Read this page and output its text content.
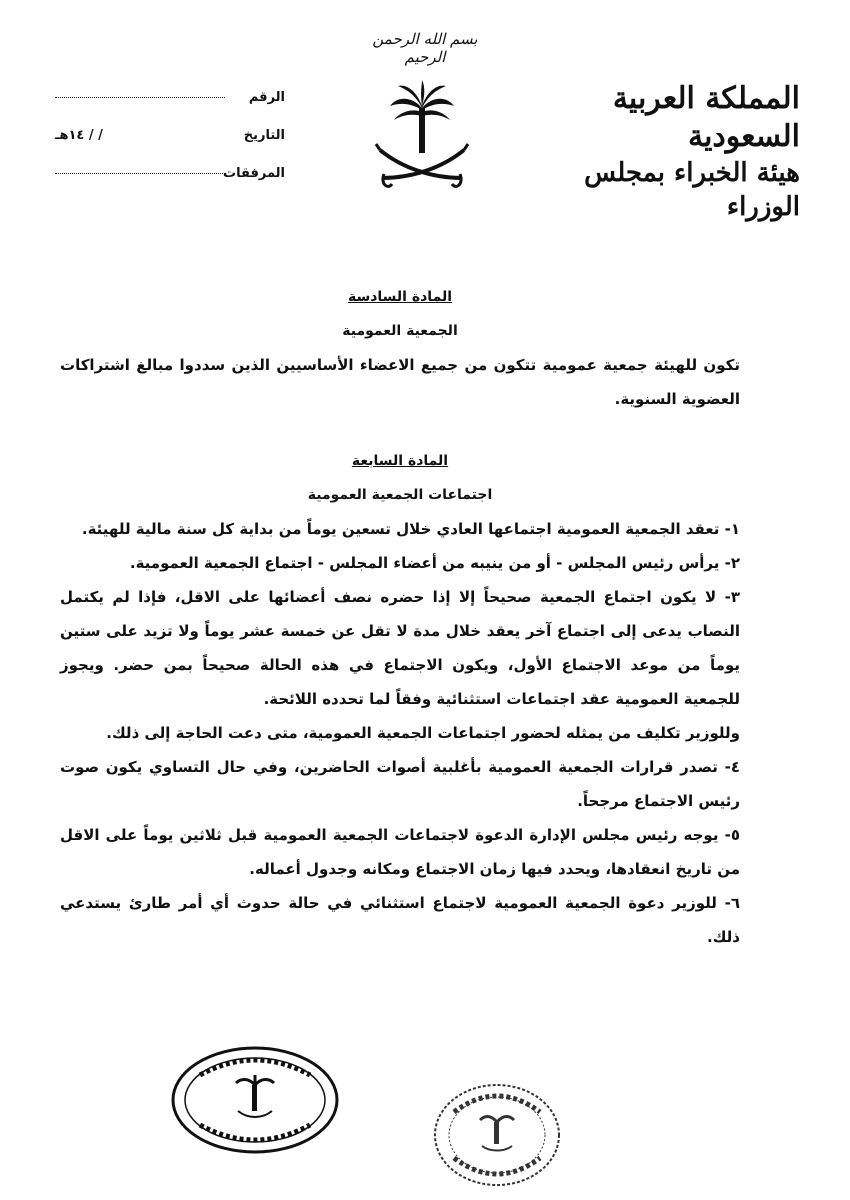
بسم الله الرحمن الرحيم
المملكة العربية السعودية
هيئة الخبراء بمجلس الوزراء
الرقم
التاريخ
/ / ١٤هـ
المرفقات
المادة السادسة
الجمعية العمومية
تكون للهيئة جمعية عمومية تتكون من جميع الاعضاء الأساسيين الذين سددوا مبالغ اشتراكات العضوية السنوية.
المادة السابعة
اجتماعات الجمعية العمومية
١- تعقد الجمعية العمومية اجتماعها العادي خلال تسعين يوماً من بداية كل سنة مالية للهيئة.
٢- يرأس رئيس المجلس - أو من ينيبه من أعضاء المجلس - اجتماع الجمعية العمومية.
٣- لا يكون اجتماع الجمعية صحيحاً إلا إذا حضره نصف أعضائها على الاقل، فإذا لم يكتمل النصاب يدعى إلى اجتماع آخر يعقد خلال مدة لا تقل عن خمسة عشر يوماً ولا تزيد على ستين يوماً من موعد الاجتماع الأول، ويكون الاجتماع في هذه الحالة صحيحاً بمن حضر. ويجوز للجمعية العمومية عقد اجتماعات استثنائية وفقاً لما تحدده اللائحة.
وللوزير تكليف من يمثله لحضور اجتماعات الجمعية العمومية، متى دعت الحاجة إلى ذلك.
٤- تصدر قرارات الجمعية العمومية بأغلبية أصوات الحاضرين، وفي حال التساوي يكون صوت رئيس الاجتماع مرجحاً.
٥- يوجه رئيس مجلس الإدارة الدعوة لاجتماعات الجمعية العمومية قبل ثلاثين يوماً على الاقل من تاريخ انعقادها، ويحدد فيها زمان الاجتماع ومكانه وجدول أعماله.
٦- للوزير دعوة الجمعية العمومية لاجتماع استثنائي في حالة حدوث أي أمر طارئ يستدعي ذلك.
